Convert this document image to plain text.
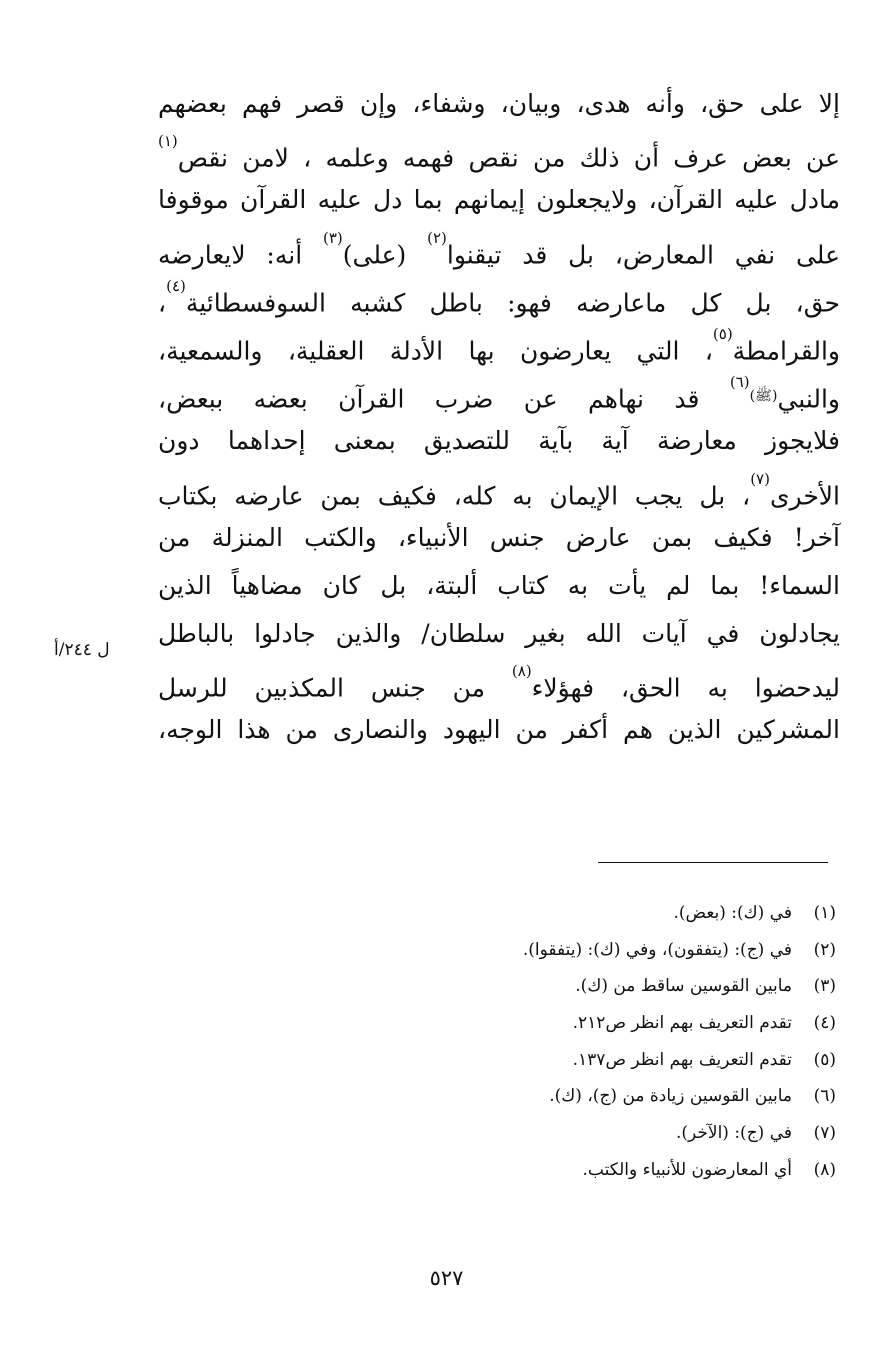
إلا على حق، وأنه هدى، وبيان، وشفاء، وإن قصر فهم بعضهم
عن بعض عرف أن ذلك من نقص فهمه وعلمه ، لامن نقص$^{(١)}$
مادل عليه القرآن، ولايجعلون إيمانهم بما دل عليه القرآن موقوفا
على نفي المعارض، بل قد تيقنوا$^{(٢)}$ (على)$^{(٣)}$ أنه: لايعارضه
حق، بل كل ماعارضه فهو: باطل كشبه السوفسطائية$^{(٤)}$،
والقرامطة$^{(٥)}$، التي يعارضون بها الأدلة العقلية، والسمعية،
والنبي$^{(ﷺ)(٦)}$ قد نهاهم عن ضرب القرآن بعضه ببعض،
فلايجوز معارضة آية بآية للتصديق بمعنى إحداهما دون
الأخرى$^{(٧)}$، بل يجب الإيمان به كله، فكيف بمن عارضه بكتاب
آخر! فكيف بمن عارض جنس الأنبياء، والكتب المنزلة من
السماء! بما لم يأت به كتاب ألبتة، بل كان مضاهياً الذين
يجادلون في آيات الله بغير سلطان/ والذين جادلوا بالباطل
ليدحضوا به الحق، فهؤلاء$^{(٨)}$ من جنس المكذبين للرسل
المشركين الذين هم أكفر من اليهود والنصارى من هذا الوجه،
ل ٢٤٤/أ
(١)في (ك): (بعض).
(٢)في (ج): (يتفقون)، وفي (ك): (يتفقوا).
(٣)مابين القوسين ساقط من (ك).
(٤)تقدم التعريف بهم انظر ص٢١٢.
(٥)تقدم التعريف بهم انظر ص١٣٧.
(٦)مابين القوسين زيادة من (ج)، (ك).
(٧)في (ج): (الآخر).
(٨)أي المعارضون للأنبياء والكتب.
٥٢٧
